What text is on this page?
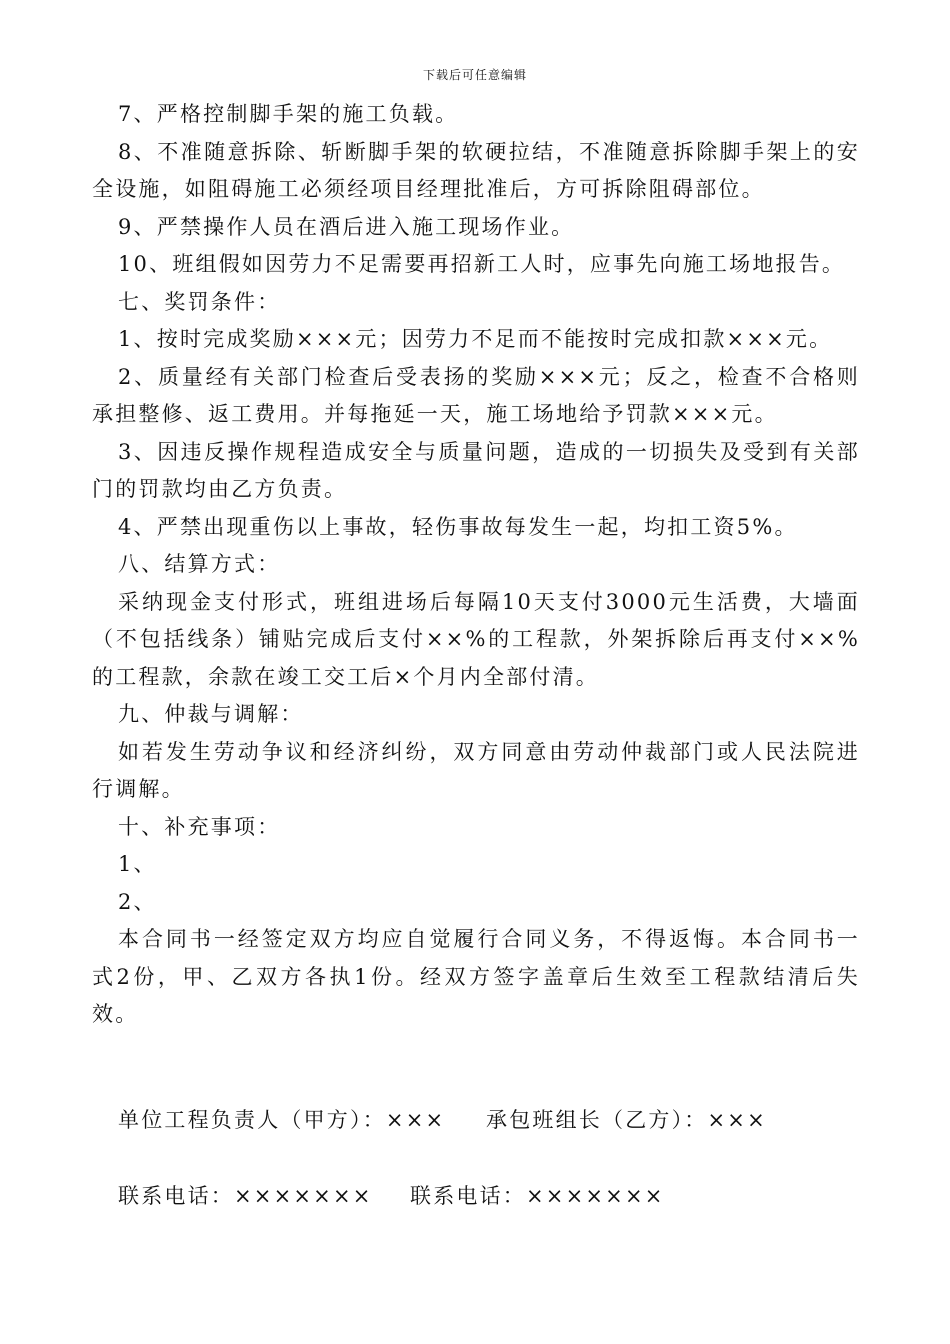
下载后可任意编辑

7、严格控制脚手架的施工负载。

8、不准随意拆除、斩断脚手架的软硬拉结，不准随意拆除脚手架上的安全设施，如阻碍施工必须经项目经理批准后，方可拆除阻碍部位。

9、严禁操作人员在酒后进入施工现场作业。

10、班组假如因劳力不足需要再招新工人时，应事先向施工场地报告。

七、奖罚条件：

1、按时完成奖励×××元；因劳力不足而不能按时完成扣款×××元。

2、质量经有关部门检查后受表扬的奖励×××元；反之，检查不合格则承担整修、返工费用。并每拖延一天，施工场地给予罚款×××元。

3、因违反操作规程造成安全与质量问题，造成的一切损失及受到有关部门的罚款均由乙方负责。

4、严禁出现重伤以上事故，轻伤事故每发生一起，均扣工资5%。

八、结算方式：

采纳现金支付形式，班组进场后每隔10天支付3000元生活费，大墙面（不包括线条）铺贴完成后支付××%的工程款，外架拆除后再支付××%的工程款，余款在竣工交工后×个月内全部付清。

九、仲裁与调解：

如若发生劳动争议和经济纠纷，双方同意由劳动仲裁部门或人民法院进行调解。

十、补充事项：

1、

2、

本合同书一经签定双方均应自觉履行合同义务，不得返悔。本合同书一式2份，甲、乙双方各执1份。经双方签字盖章后生效至工程款结清后失效。

单位工程负责人（甲方）：××× 承包班组长（乙方）：×××
联系电话：××××××× 联系电话：×××××××
